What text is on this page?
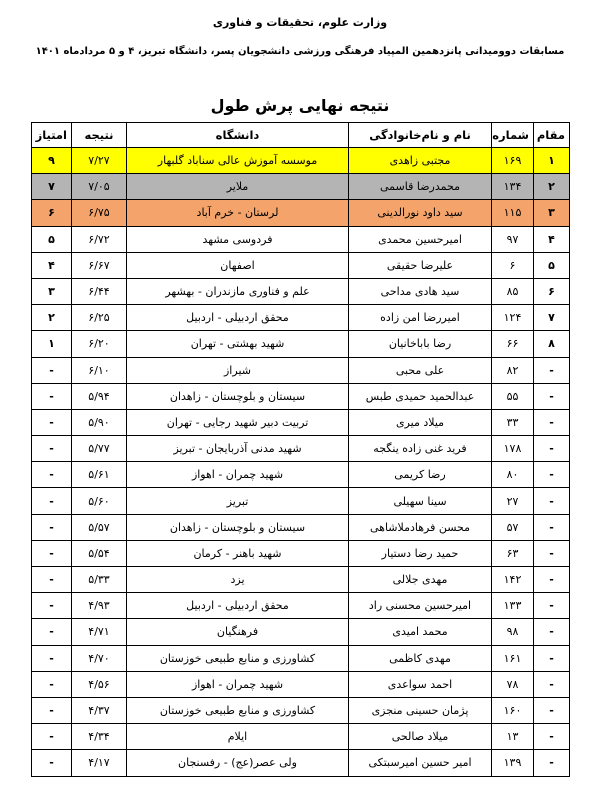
وزارت علوم، تحقیقات و فناوری
مسابقات دوومیدانی پانزدهمین المپیاد فرهنگی ورزشی دانشجویان پسر، دانشگاه تبریز، ۴ و ۵ مردادماه ۱۴۰۱
نتیجه نهایی پرش طول
مقام	شماره	نام و نام‌خانوادگی	دانشگاه	نتیجه	امتیاز
۱	۱۶۹	مجتبی زاهدی	موسسه آموزش عالی سناباد گلبهار	۷/۲۷	۹
۲	۱۳۴	محمدرضا قاسمی	ملایر	۷/۰۵	۷
۳	۱۱۵	سید داود نورالدینی	لرستان - خرم آباد	۶/۷۵	۶
۴	۹۷	امیرحسین محمدی	فردوسی مشهد	۶/۷۲	۵
۵	۶	علیرضا حقیقی	اصفهان	۶/۶۷	۴
۶	۸۵	سید هادی مداحی	علم و فناوری مازندران - بهشهر	۶/۴۴	۳
۷	۱۲۴	امیررضا امن زاده	محقق اردبیلی - اردبیل	۶/۲۵	۲
۸	۶۶	رضا باباخانیان	شهید بهشتی - تهران	۶/۲۰	۱
-	۸۲	علی محبی	شیراز	۶/۱۰	-
-	۵۵	عبدالحمید حمیدی طبس	سیستان و بلوچستان - زاهدان	۵/۹۴	-
-	۳۳	میلاد میری	تربیت دبیر شهید رجایی - تهران	۵/۹۰	-
-	۱۷۸	فرید غنی زاده ینگجه	شهید مدنی آذربایجان - تبریز	۵/۷۷	-
-	۸۰	رضا کریمی	شهید چمران - اهواز	۵/۶۱	-
-	۲۷	سینا سهیلی	تبریز	۵/۶۰	-
-	۵۷	محسن فرهادملاشاهی	سیستان و بلوچستان - زاهدان	۵/۵۷	-
-	۶۳	حمید رضا دستیار	شهید باهنر - کرمان	۵/۵۴	-
-	۱۴۲	مهدی جلالی	یزد	۵/۳۳	-
-	۱۳۳	امیرحسین محسنی راد	محقق اردبیلی - اردبیل	۴/۹۳	-
-	۹۸	محمد امیدی	فرهنگیان	۴/۷۱	-
-	۱۶۱	مهدی کاظمی	کشاورزی و منابع طبیعی خوزستان	۴/۷۰	-
-	۷۸	احمد سواعدی	شهید چمران - اهواز	۴/۵۶	-
-	۱۶۰	پژمان حسینی منجزی	کشاورزی و منابع طبیعی خوزستان	۴/۳۷	-
-	۱۳	میلاد صالحی	ایلام	۴/۳۴	-
-	۱۳۹	امیر حسین امیرسبتکی	ولی عصر(عج) - رفسنجان	۴/۱۷	-
